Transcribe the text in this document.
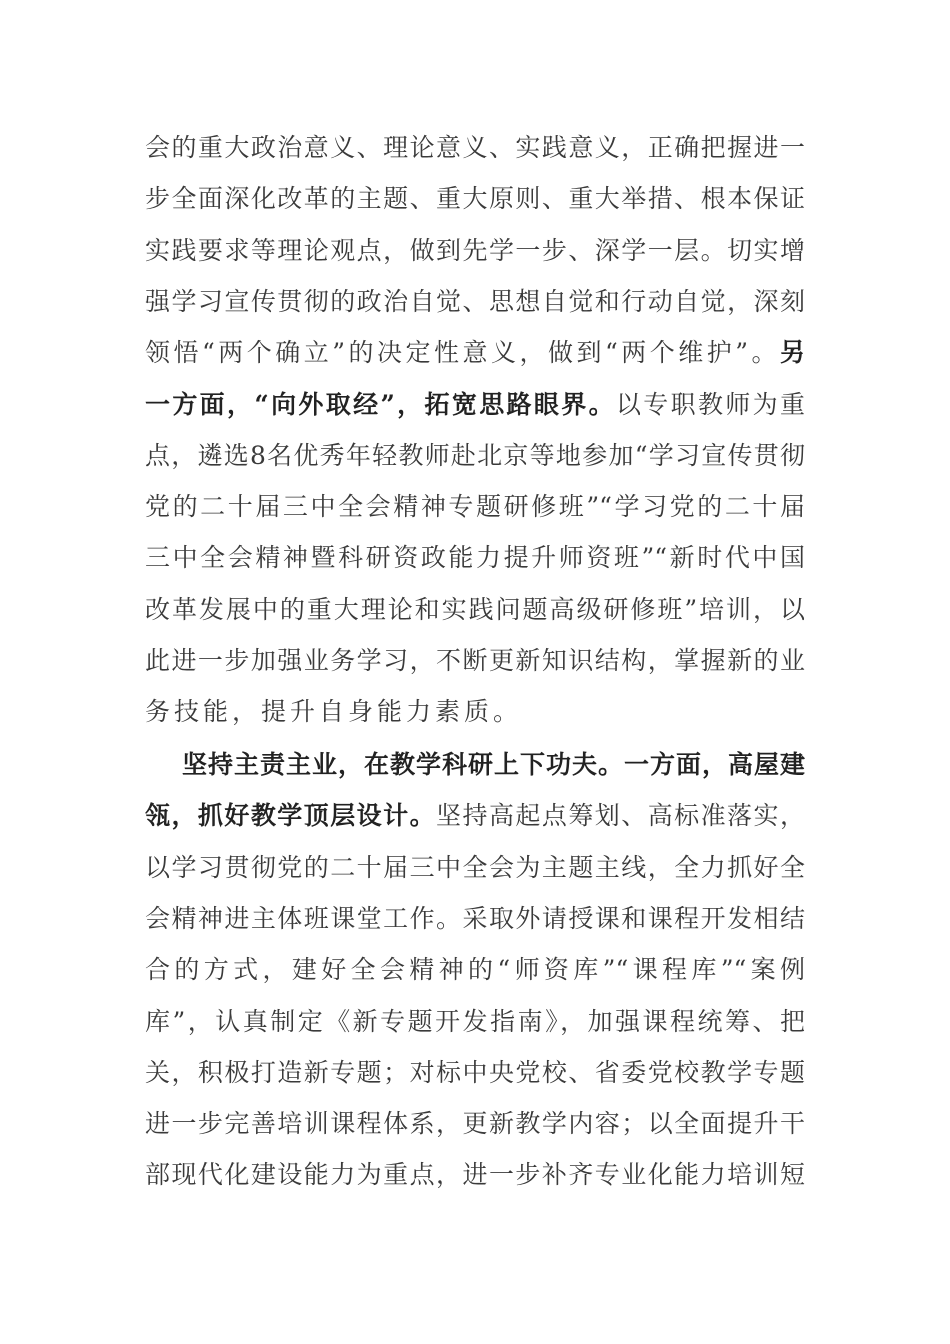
会的重大政治意义、理论意义、实践意义，正确把握进一
步全面深化改革的主题、重大原则、重大举措、根本保证
实践要求等理论观点，做到先学一步、深学一层。切实增
强学习宣传贯彻的政治自觉、思想自觉和行动自觉，深刻
领悟“两个确立”的决定性意义，做到“两个维护”。另
一方面，“向外取经”，拓宽思路眼界。以专职教师为重
点，遴选8名优秀年轻教师赴北京等地参加“学习宣传贯彻
党的二十届三中全会精神专题研修班”“学习党的二十届
三中全会精神暨科研资政能力提升师资班”“新时代中国
改革发展中的重大理论和实践问题高级研修班”培训，以
此进一步加强业务学习，不断更新知识结构，掌握新的业
务技能，提升自身能力素质。
坚持主责主业，在教学科研上下功夫。一方面，高屋建
瓴，抓好教学顶层设计。坚持高起点筹划、高标准落实，
以学习贯彻党的二十届三中全会为主题主线，全力抓好全
会精神进主体班课堂工作。采取外请授课和课程开发相结
合的方式，建好全会精神的“师资库”“课程库”“案例
库”，认真制定《新专题开发指南》，加强课程统筹、把
关，积极打造新专题；对标中央党校、省委党校教学专题
进一步完善培训课程体系，更新教学内容；以全面提升干
部现代化建设能力为重点，进一步补齐专业化能力培训短
